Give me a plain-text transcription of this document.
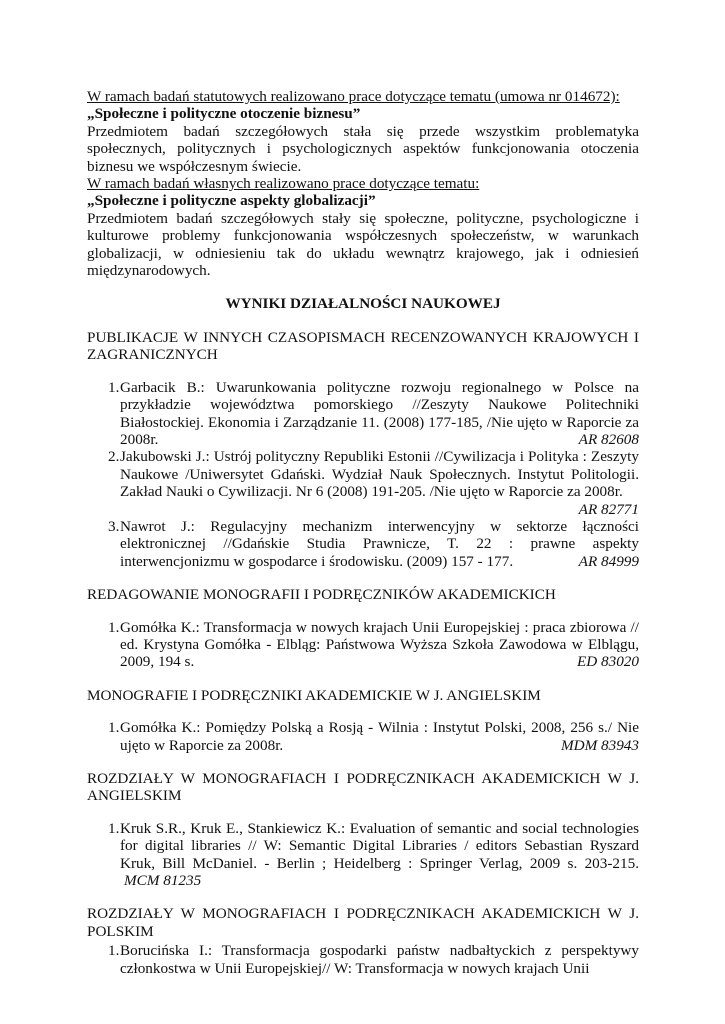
W ramach badań statutowych realizowano prace dotyczące tematu (umowa nr 014672):

„Społeczne i polityczne otoczenie biznesu”

Przedmiotem badań szczegółowych stała się przede wszystkim problematyka społecznych, politycznych i psychologicznych aspektów funkcjonowania otoczenia biznesu we współczesnym świecie.

W ramach badań własnych realizowano prace dotyczące tematu:

„Społeczne i polityczne aspekty globalizacji”

Przedmiotem badań szczegółowych stały się społeczne, polityczne, psychologiczne i kulturowe problemy funkcjonowania współczesnych społeczeństw, w warunkach globalizacji, w odniesieniu tak do układu wewnątrz krajowego, jak i odniesień międzynarodowych.

WYNIKI DZIAŁALNOŚCI NAUKOWEJ

PUBLIKACJE W INNYCH CZASOPISMACH RECENZOWANYCH KRAJOWYCH I ZAGRANICZNYCH

1. Garbacik B.: Uwarunkowania polityczne rozwoju regionalnego w Polsce na przykładzie województwa pomorskiego //Zeszyty Naukowe Politechniki Białostockiej. Ekonomia i Zarządzanie 11. (2008) 177-185, /Nie ujęto w Raporcie za 2008r.	AR 82608
2. Jakubowski J.: Ustrój polityczny Republiki Estonii //Cywilizacja i Polityka : Zeszyty Naukowe /Uniwersytet Gdański. Wydział Nauk Społecznych. Instytut Politologii. Zakład Nauki o Cywilizacji. Nr 6 (2008) 191-205. /Nie ujęto w Raporcie za 2008r.
AR 82771
3. Nawrot J.: Regulacyjny mechanizm interwencyjny w sektorze łączności elektronicznej //Gdańskie Studia Prawnicze, T. 22 : prawne aspekty interwencjonizmu w gospodarce i środowisku. (2009) 157 - 177.	AR 84999

REDAGOWANIE MONOGRAFII I PODRĘCZNIKÓW AKADEMICKICH

1. Gomółka K.: Transformacja w nowych krajach Unii Europejskiej : praca zbiorowa // ed. Krystyna Gomółka - Elbląg: Państwowa Wyższa Szkoła Zawodowa w Elblągu, 2009, 194 s.	ED 83020

MONOGRAFIE I PODRĘCZNIKI AKADEMICKIE W J. ANGIELSKIM

1. Gomółka K.: Pomiędzy Polską a Rosją - Wilnia : Instytut Polski, 2008, 256 s./ Nie ujęto w Raporcie za 2008r.	MDM 83943

ROZDZIAŁY W MONOGRAFIACH I PODRĘCZNIKACH AKADEMICKICH W J. ANGIELSKIM

1. Kruk S.R., Kruk E., Stankiewicz K.: Evaluation of semantic and social technologies for digital libraries // W: Semantic Digital Libraries / editors Sebastian Ryszard Kruk, Bill McDaniel. - Berlin ; Heidelberg : Springer Verlag, 2009 s. 203-215. MCM 81235

ROZDZIAŁY W MONOGRAFIACH I PODRĘCZNIKACH AKADEMICKICH W J. POLSKIM

1. Borucińska I.: Transformacja gospodarki państw nadbałtyckich z perspektywy członkostwa w Unii Europejskiej// W: Transformacja w nowych krajach Unii
